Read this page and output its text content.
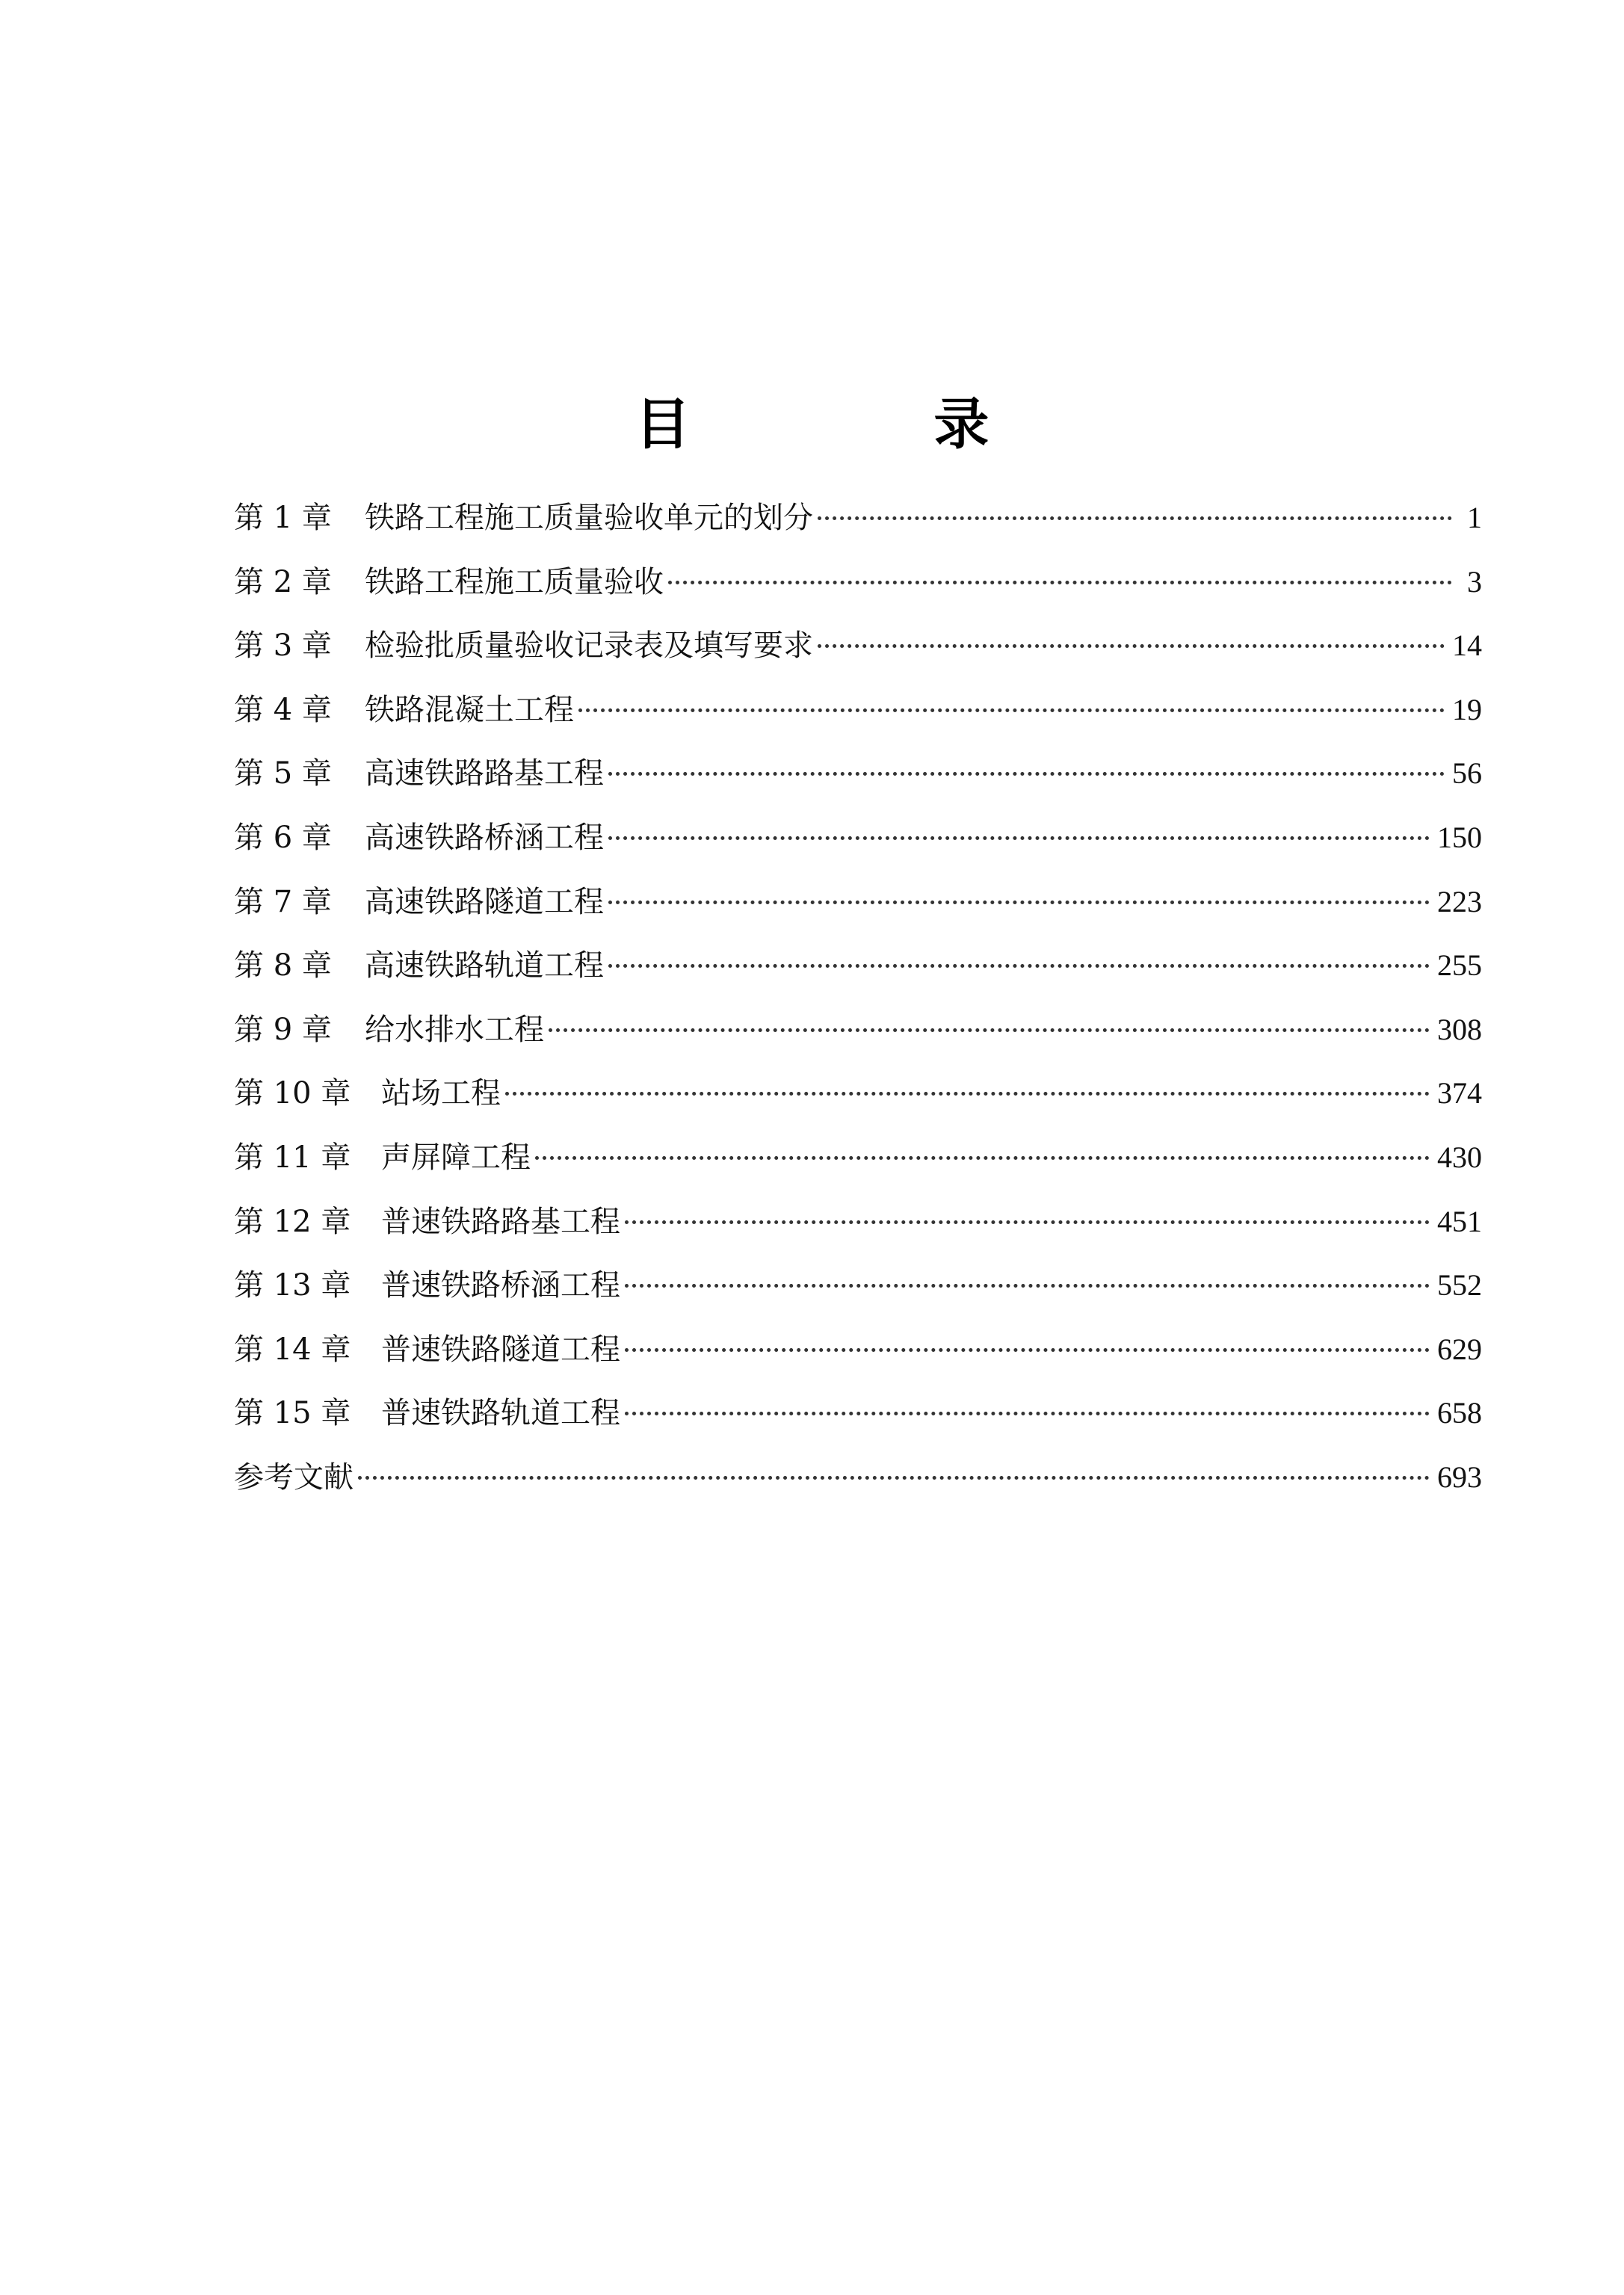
目 录
第 1 章	铁路工程施工质量验收单元的划分	1
第 2 章	铁路工程施工质量验收	3
第 3 章	检验批质量验收记录表及填写要求	14
第 4 章	铁路混凝土工程	19
第 5 章	高速铁路路基工程	56
第 6 章	高速铁路桥涵工程	150
第 7 章	高速铁路隧道工程	223
第 8 章	高速铁路轨道工程	255
第 9 章	给水排水工程	308
第 10 章	站场工程	374
第 11 章	声屏障工程	430
第 12 章	普速铁路路基工程	451
第 13 章	普速铁路桥涵工程	552
第 14 章	普速铁路隧道工程	629
第 15 章	普速铁路轨道工程	658
参考文献	693
